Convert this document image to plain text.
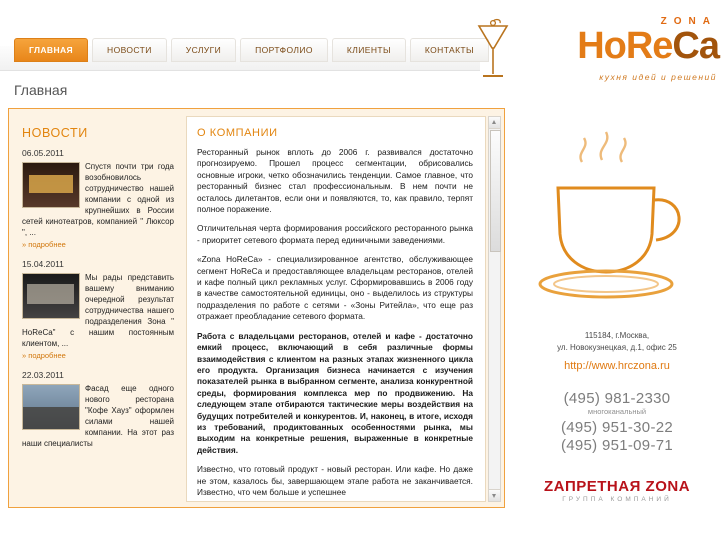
ГЛАВНАЯ	НОВОСТИ	УСЛУГИ	ПОРТФОЛИО	КЛИЕНТЫ	КОНТАКТЫ
ZONA
HoReCa
кухня идей и решений
Главная
НОВОСТИ
06.05.2011
Спустя почти три года возобновилось сотрудничество нашей компании с одной из крупнейших в России сетей кинотеатров, компанией " Люксор ", ...
» подробнее
15.04.2011
Мы рады представить вашему вниманию очередной результат сотрудничества нашего подразделения Зона " HoReCa" с нашим постоянным клиентом, ...
» подробнее
22.03.2011
Фасад еще одного нового ресторана "Кофе Хауз" оформлен силами нашей компании. На этот раз наши специалисты
О КОМПАНИИ

Ресторанный рынок вплоть до 2006 г. развивался достаточно прогнозируемо. Прошел процесс сегментации, обрисовались основные игроки, четко обозначились тенденции. Самое главное, что ресторанный бизнес стал профессиональным. В нем почти не осталось дилетантов, если они и появляются, то, как правило, терпят полное поражение.

Отличительная черта формирования российского ресторанного рынка - приоритет сетевого формата перед единичными заведениями.

«Zona HoReCa» - специализированное агентство, обслуживающее сегмент HoReCa и предоставляющее владельцам ресторанов, отелей и кафе полный цикл рекламных услуг. Сформировавшись в 2006 году в качестве самостоятельной единицы, оно - выделилось из структуры подразделения по работе с сетями - «Зоны Ритейла», что еще раз отражает преобладание сетевого формата.

Работа с владельцами ресторанов, отелей и кафе - достаточно емкий процесс, включающий в себя различные формы взаимодействия с клиентом на разных этапах жизненного цикла его продукта. Организация бизнеса начинается с изучения показателей рынка в выбранном сегменте, анализа конкурентной среды, формирования комплекса мер по продвижению. На следующем этапе отбираются тактические меры воздействия на будущих потребителей и конкурентов. И, наконец, в итоге, исходя из требований, продиктованных особенностями рынка, мы выходим на конкретные решения, выраженные в конкретные действия.

Известно, что готовый продукт - новый ресторан. Или кафе. Но даже не этом, казалось бы, завершающем этапе работа не заканчивается. Известно, что чем больше и успешнее

115184, г.Москва,
ул. Новокузнецкая, д.1, офис 25
http://www.hrczona.ru
(495) 981-2330
многоканальный
(495) 951-30-22
(495) 951-09-71
ZAПРЕТНАЯ ZONA
ГРУППА КОМПАНИЙ
